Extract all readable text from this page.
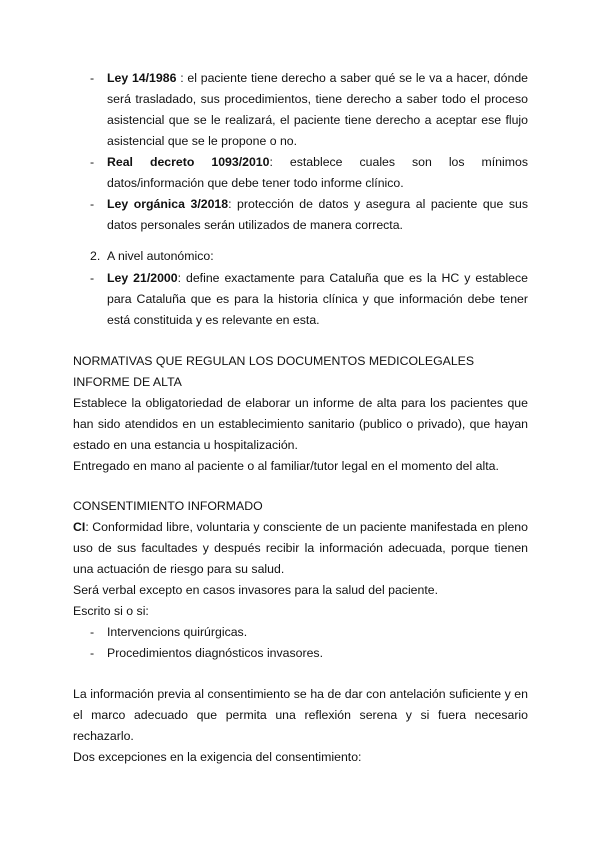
- Ley 14/1986 : el paciente tiene derecho a saber qué se le va a hacer, dónde será trasladado, sus procedimientos, tiene derecho a saber todo el proceso asistencial que se le realizará, el paciente tiene derecho a aceptar ese flujo asistencial que se le propone o no.
- Real decreto 1093/2010: establece cuales son los mínimos datos/información que debe tener todo informe clínico.
- Ley orgánica 3/2018: protección de datos y asegura al paciente que sus datos personales serán utilizados de manera correcta.
2. A nivel autonómico:
- Ley 21/2000: define exactamente para Cataluña que es la HC y establece para Cataluña que es para la historia clínica y que información debe tener está constituida y es relevante en esta.
NORMATIVAS QUE REGULAN LOS DOCUMENTOS MEDICOLEGALES
INFORME DE ALTA
Establece la obligatoriedad de elaborar un informe de alta para los pacientes que han sido atendidos en un establecimiento sanitario (publico o privado), que hayan estado en una estancia u hospitalización.
Entregado en mano al paciente o al familiar/tutor legal en el momento del alta.
CONSENTIMIENTO INFORMADO
CI: Conformidad libre, voluntaria y consciente de un paciente manifestada en pleno uso de sus facultades y después recibir la información adecuada, porque tienen una actuación de riesgo para su salud.
Será verbal excepto en casos invasores para la salud del paciente.
Escrito si o si:
- Intervencions quirúrgicas.
- Procedimientos diagnósticos invasores.
La información previa al consentimiento se ha de dar con antelación suficiente y en el marco adecuado que permita una reflexión serena y si fuera necesario rechazarlo.
Dos excepciones en la exigencia del consentimiento:
